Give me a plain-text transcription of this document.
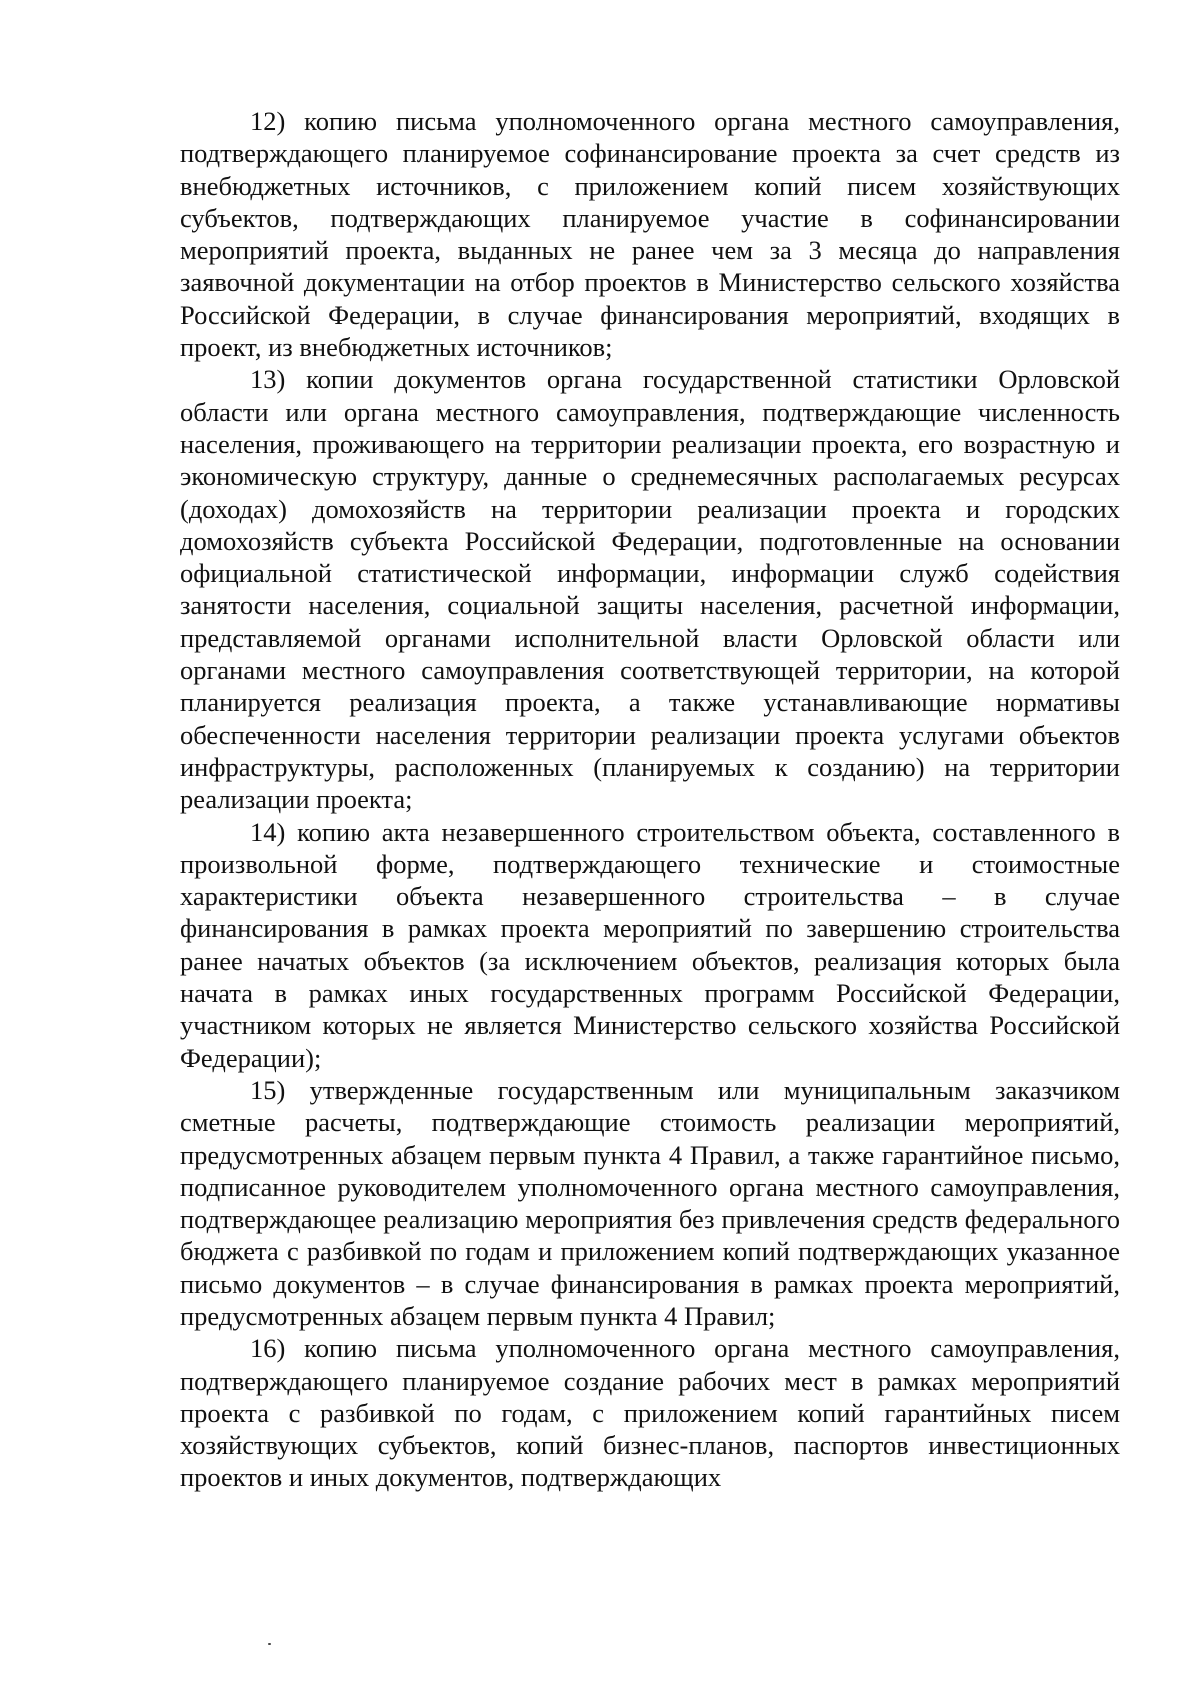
12) копию письма уполномоченного органа местного самоуправления, подтверждающего планируемое софинансирование проекта за счет средств из внебюджетных источников, с приложением копий писем хозяйствующих субъектов, подтверждающих планируемое участие в софинансировании мероприятий проекта, выданных не ранее чем за 3 месяца до направления заявочной документации на отбор проектов в Министерство сельского хозяйства Российской Федерации, в случае финансирования мероприятий, входящих в проект, из внебюджетных источников;

13) копии документов органа государственной статистики Орловской области или органа местного самоуправления, подтверждающие численность населения, проживающего на территории реализации проекта, его возрастную и экономическую структуру, данные о среднемесячных располагаемых ресурсах (доходах) домохозяйств на территории реализации проекта и городских домохозяйств субъекта Российской Федерации, подготовленные на основании официальной статистической информации, информации служб содействия занятости населения, социальной защиты населения, расчетной информации, представляемой органами исполнительной власти Орловской области или органами местного самоуправления соответствующей территории, на которой планируется реализация проекта, а также устанавливающие нормативы обеспеченности населения территории реализации проекта услугами объектов инфраструктуры, расположенных (планируемых к созданию) на территории реализации проекта;

14) копию акта незавершенного строительством объекта, составленного в произвольной форме, подтверждающего технические и стоимостные характеристики объекта незавершенного строительства – в случае финансирования в рамках проекта мероприятий по завершению строительства ранее начатых объектов (за исключением объектов, реализация которых была начата в рамках иных государственных программ Российской Федерации, участником которых не является Министерство сельского хозяйства Российской Федерации);

15) утвержденные государственным или муниципальным заказчиком сметные расчеты, подтверждающие стоимость реализации мероприятий, предусмотренных абзацем первым пункта 4 Правил, а также гарантийное письмо, подписанное руководителем уполномоченного органа местного самоуправления, подтверждающее реализацию мероприятия без привлечения средств федерального бюджета с разбивкой по годам и приложением копий подтверждающих указанное письмо документов – в случае финансирования в рамках проекта мероприятий, предусмотренных абзацем первым пункта 4 Правил;

16) копию письма уполномоченного органа местного самоуправления, подтверждающего планируемое создание рабочих мест в рамках мероприятий проекта с разбивкой по годам, с приложением копий гарантийных писем хозяйствующих субъектов, копий бизнес-планов, паспортов инвестиционных проектов и иных документов, подтверждающих
